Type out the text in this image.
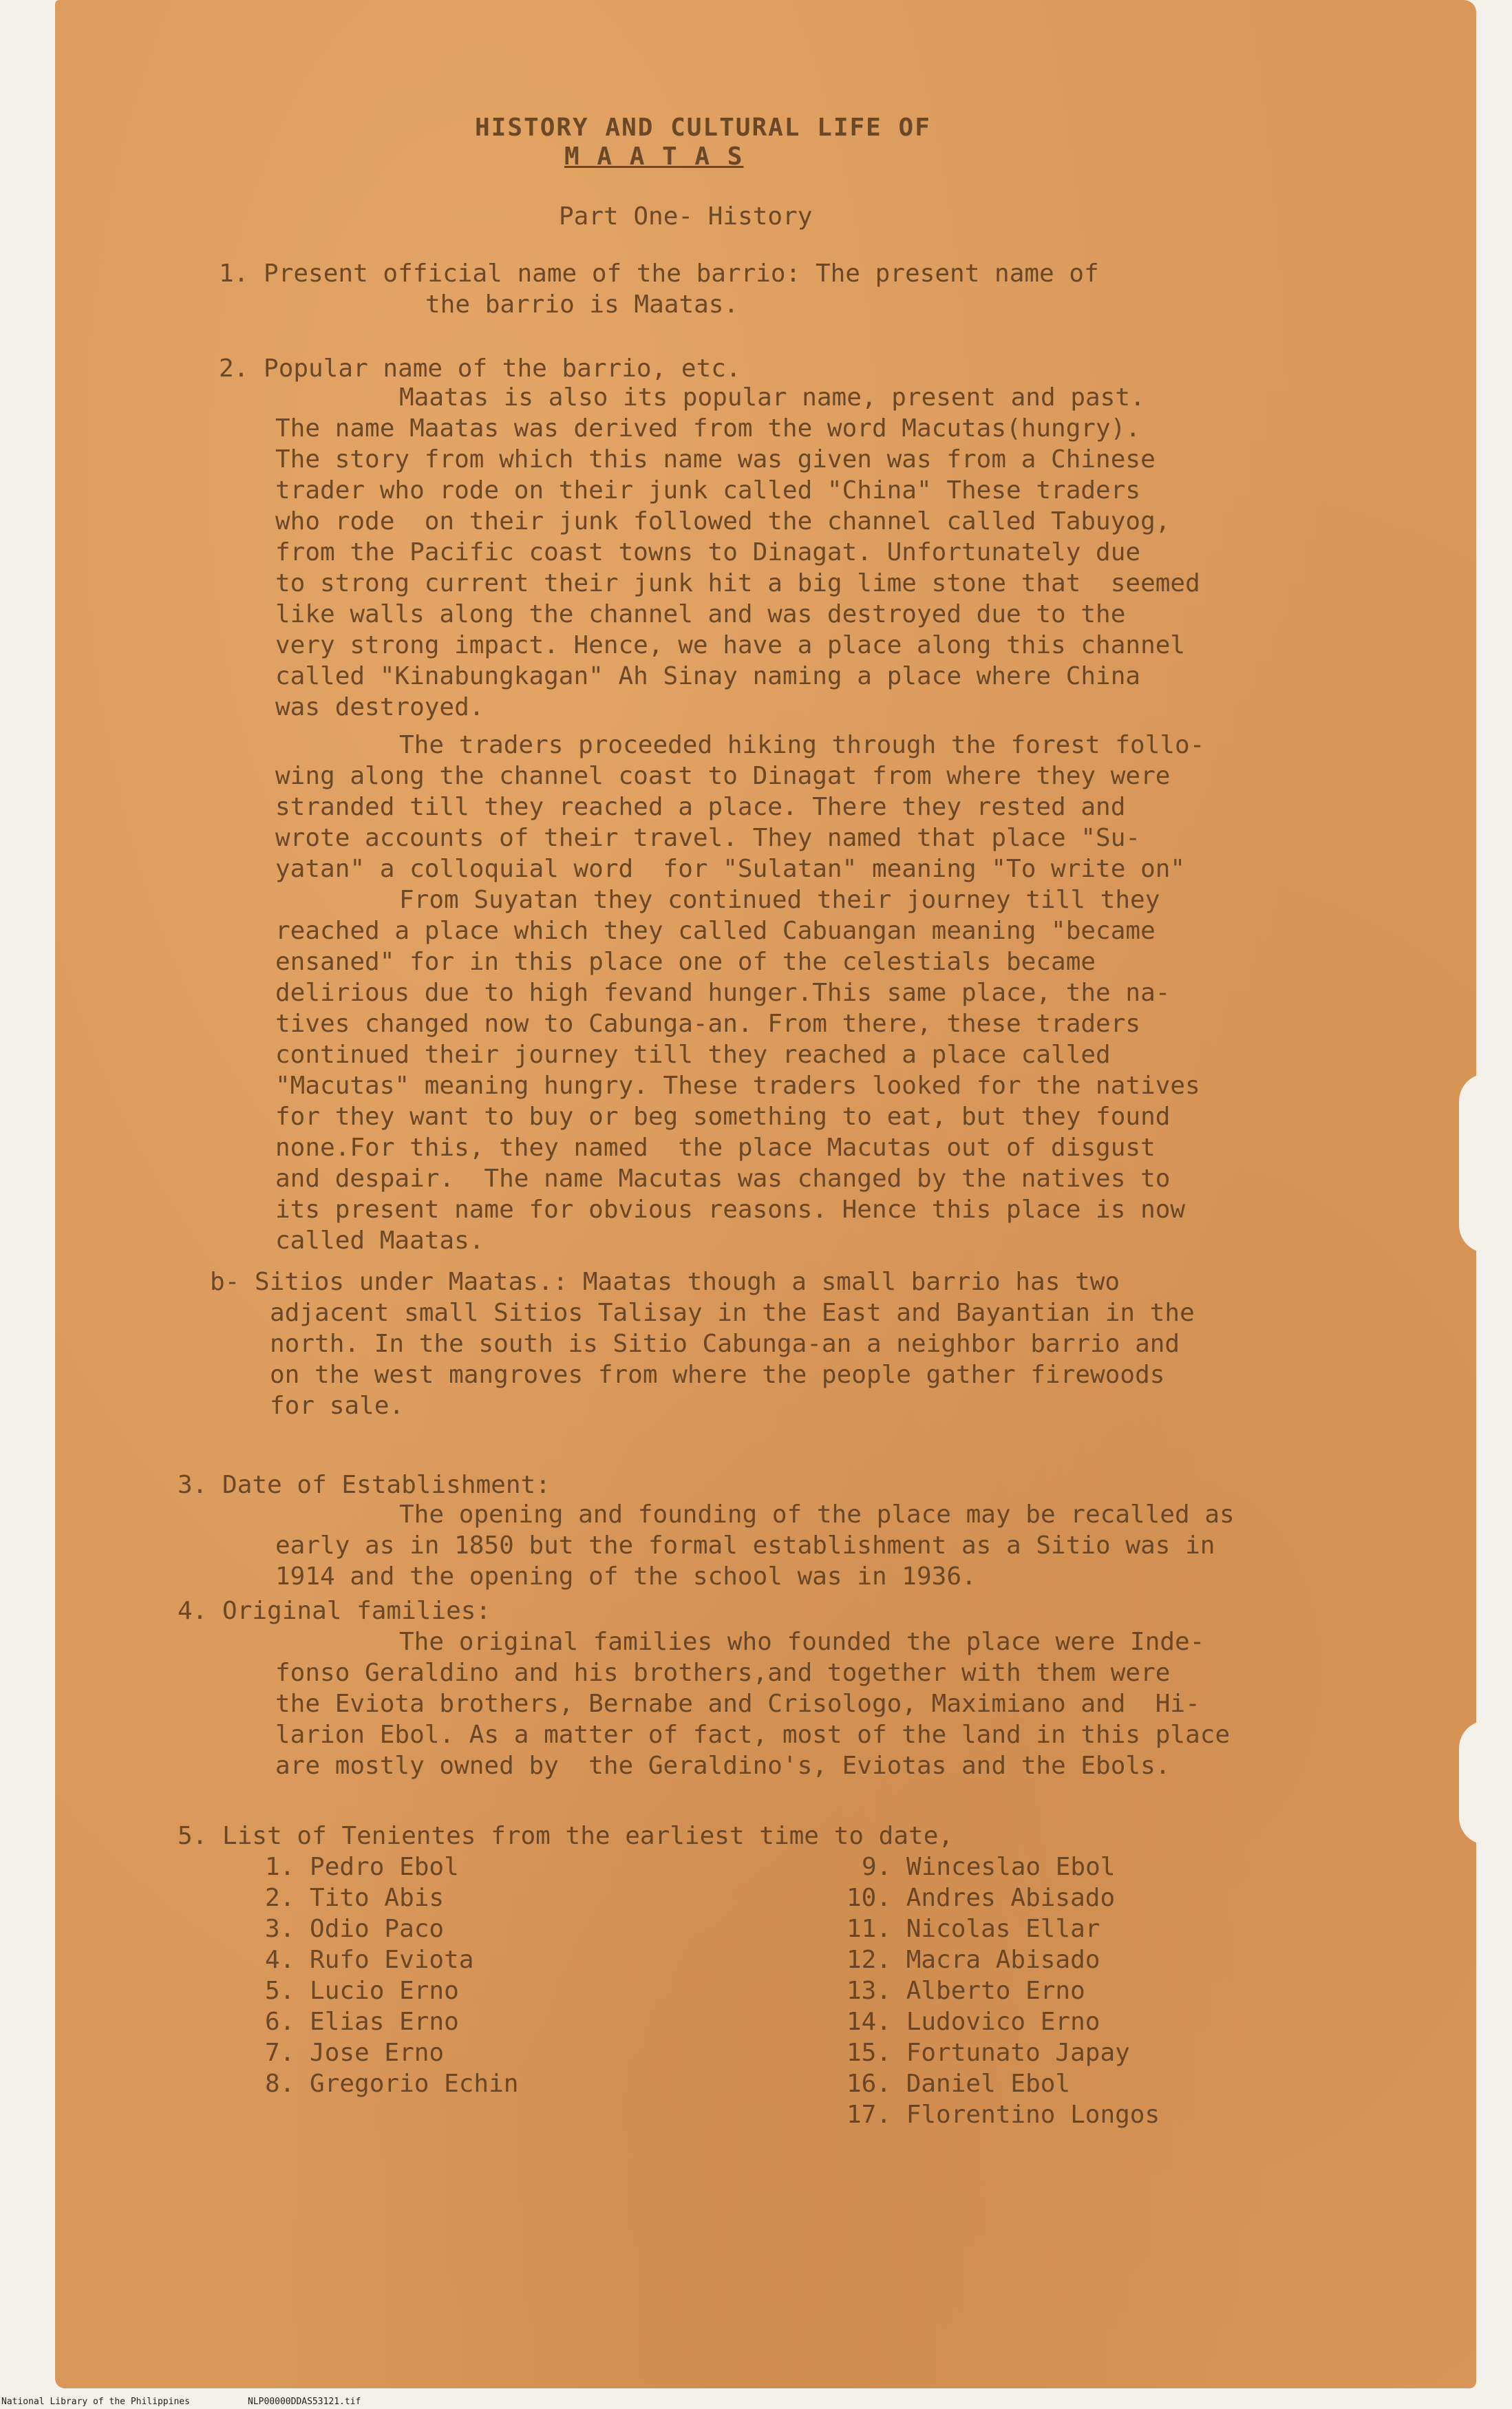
HISTORY AND CULTURAL LIFE OF
M A A T A S
Part One- History
1. Present official name of the barrio: The present name of
the barrio is Maatas.
2. Popular name of the barrio, etc.
Maatas is also its popular name, present and past.
The name Maatas was derived from the word Macutas(hungry).
The story from which this name was given was from a Chinese
trader who rode on their junk called "China" These traders
who rode  on their junk followed the channel called Tabuyog,
from the Pacific coast towns to Dinagat. Unfortunately due
to strong current their junk hit a big lime stone that  seemed
like walls along the channel and was destroyed due to the
very strong impact. Hence, we have a place along this channel
called "Kinabungkagan" Ah Sinay naming a place where China
was destroyed.
The traders proceeded hiking through the forest follo-
wing along the channel coast to Dinagat from where they were
stranded till they reached a place. There they rested and
wrote accounts of their travel. They named that place "Su-
yatan" a colloquial word  for "Sulatan" meaning "To write on"
From Suyatan they continued their journey till they
reached a place which they called Cabuangan meaning "became
ensaned" for in this place one of the celestials became
delirious due to high fevand hunger.This same place, the na-
tives changed now to Cabunga-an. From there, these traders
continued their journey till they reached a place called
"Macutas" meaning hungry. These traders looked for the natives
for they want to buy or beg something to eat, but they found
none.For this, they named  the place Macutas out of disgust
and despair.  The name Macutas was changed by the natives to
its present name for obvious reasons. Hence this place is now
called Maatas.
b- Sitios under Maatas.: Maatas though a small barrio has two
adjacent small Sitios Talisay in the East and Bayantian in the
north. In the south is Sitio Cabunga-an a neighbor barrio and
on the west mangroves from where the people gather firewoods
for sale.
3. Date of Establishment:
The opening and founding of the place may be recalled as
early as in 1850 but the formal establishment as a Sitio was in
1914 and the opening of the school was in 1936.
4. Original families:
The original families who founded the place were Inde-
fonso Geraldino and his brothers,and together with them were
the Eviota brothers, Bernabe and Crisologo, Maximiano and  Hi-
larion Ebol. As a matter of fact, most of the land in this place
are mostly owned by  the Geraldino's, Eviotas and the Ebols.
5. List of Tenientes from the earliest time to date,
1. Pedro Ebol
2. Tito Abis
3. Odio Paco
4. Rufo Eviota
5. Lucio Erno
6. Elias Erno
7. Jose Erno
8. Gregorio Echin
9. Winceslao Ebol
10. Andres Abisado
11. Nicolas Ellar
12. Macra Abisado
13. Alberto Erno
14. Ludovico Erno
15. Fortunato Japay
16. Daniel Ebol
17. Florentino Longos
National Library of the Philippines	NLP00000DDAS53121.tif
